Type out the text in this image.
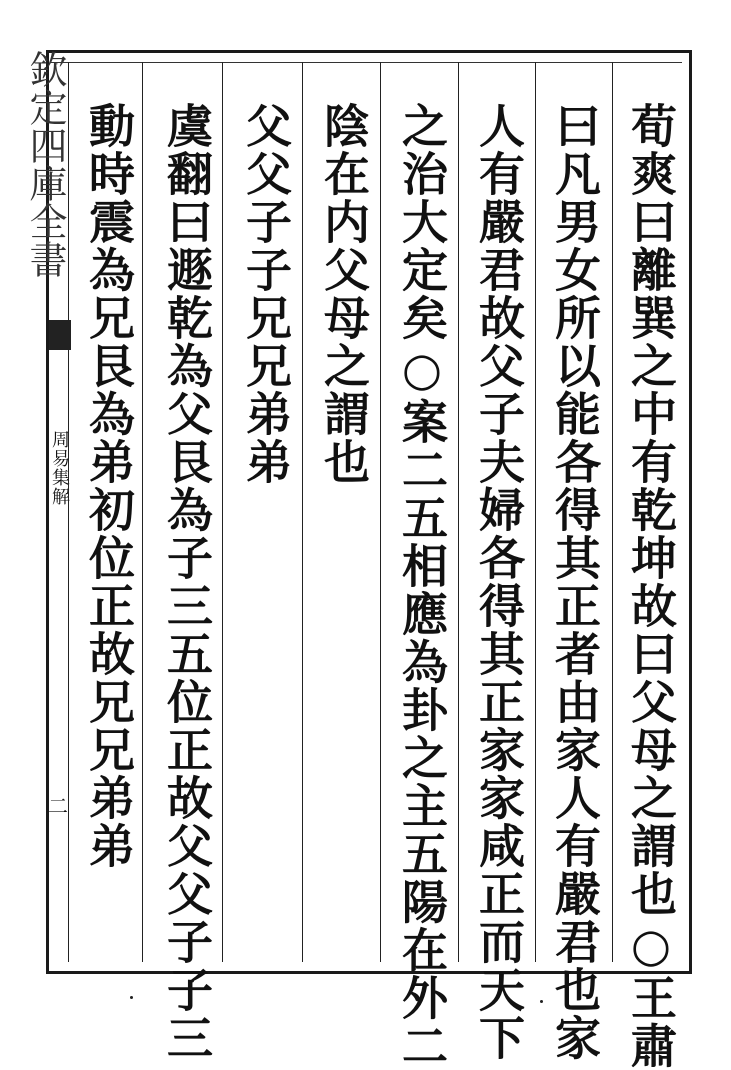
欽定四庫全書
周易集解
二	荀爽曰離巽之中有乾坤故曰父母之謂也○王肅
曰凡男女所以能各得其正者由家人有嚴君也家
人有嚴君故父子夫婦各得其正家家咸正而天下
之治大定矣○案二五相應為卦之主五陽在外二
陰在内父母之謂也
父父子子兄兄弟弟
虞翻曰遯乾為父艮為子三五位正故父父子子三
動時震為兄艮為弟初位正故兄兄弟弟
